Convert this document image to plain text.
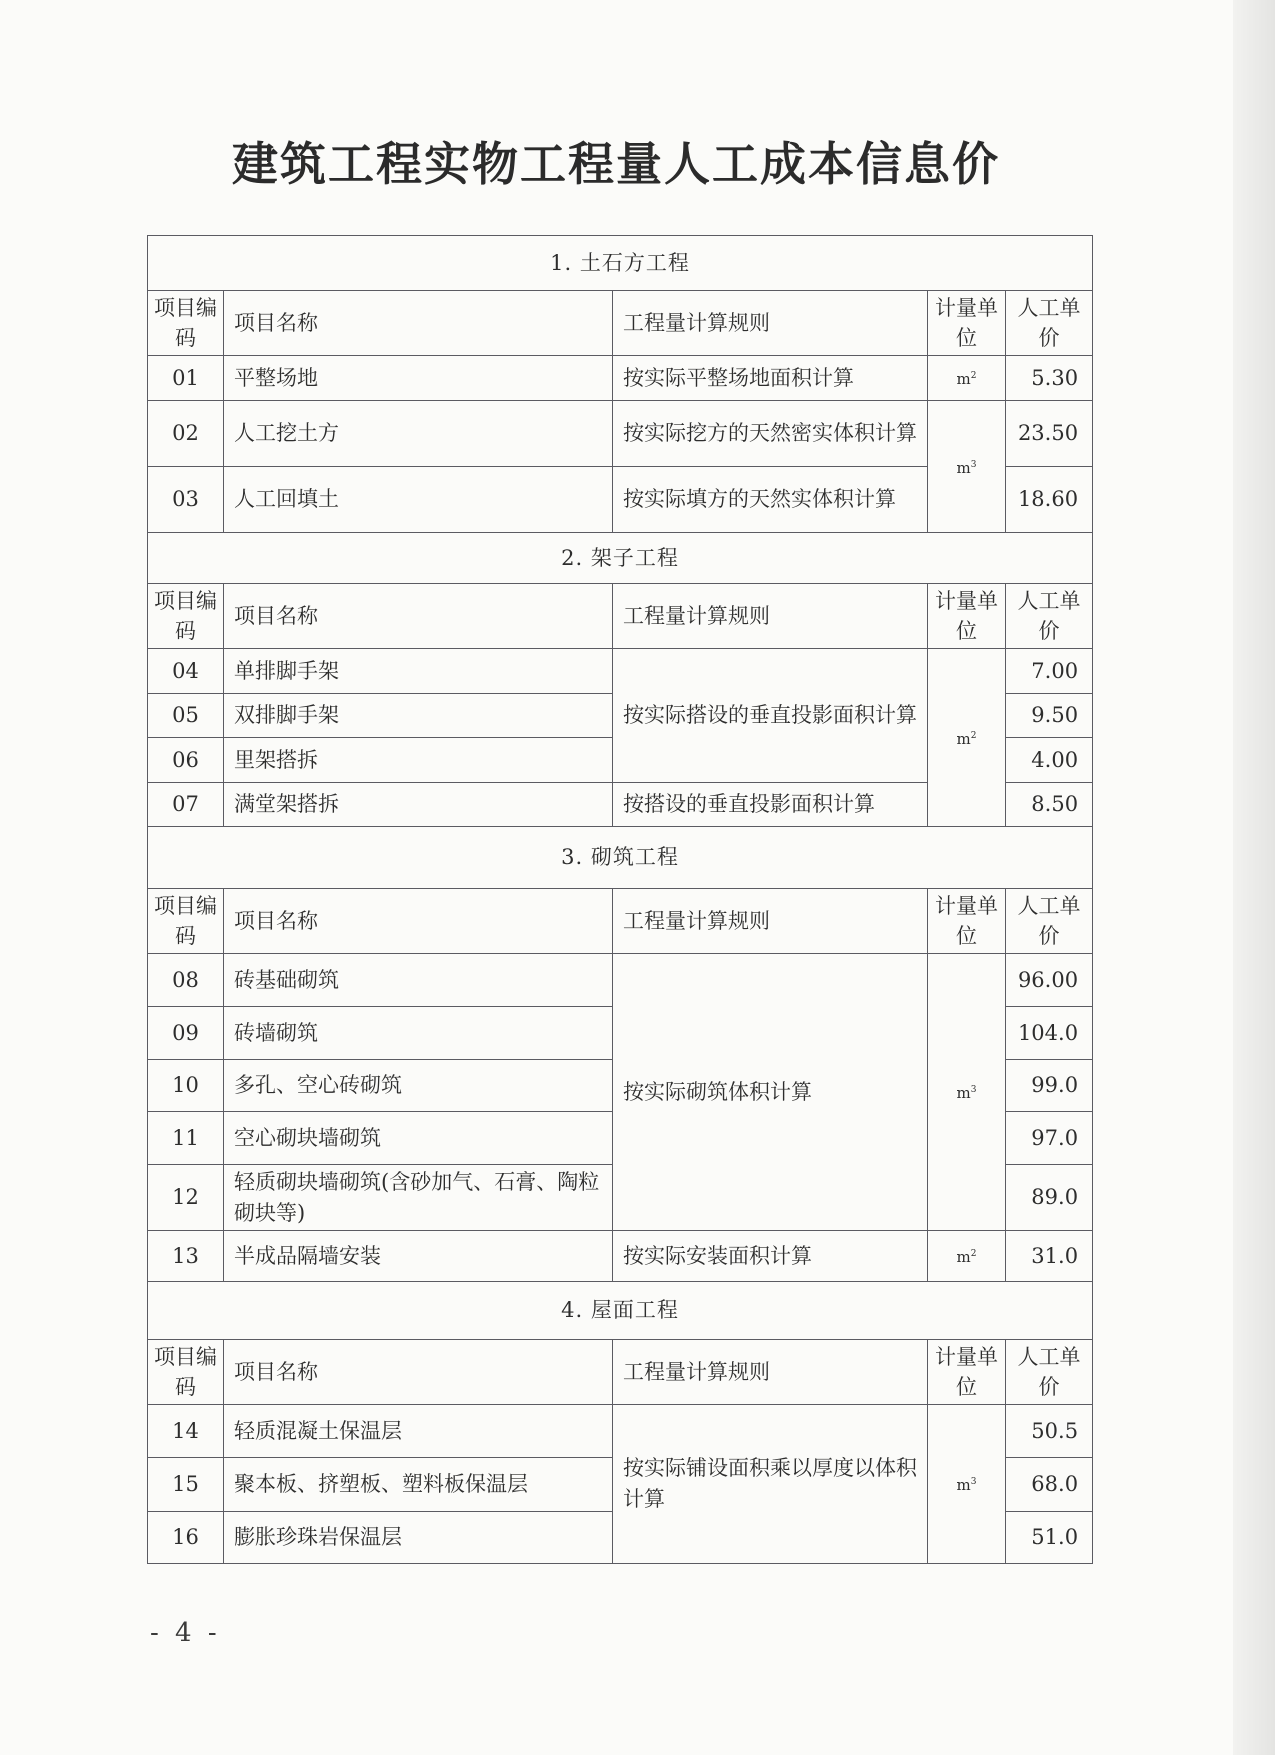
建筑工程实物工程量人工成本信息价
1. 土石方工程				
项目编码	项目名称	工程量计算规则	计量单位	人工单价
01	平整场地	按实际平整场地面积计算	$m^2$	5.30
02	人工挖土方	按实际挖方的天然密实体积计算	$m^3$	23.50
03	人工回填土	按实际填方的天然实体积计算		18.60
2. 架子工程				
项目编码	项目名称	工程量计算规则	计量单位	人工单价
04	单排脚手架	按实际搭设的垂直投影面积计算	$m^2$	7.00
05	双排脚手架			9.50
06	里架搭拆			4.00
07	满堂架搭拆	按搭设的垂直投影面积计算		8.50
3. 砌筑工程				
项目编码	项目名称	工程量计算规则	计量单位	人工单价
08	砖基础砌筑	按实际砌筑体积计算	$m^3$	96.00
09	砖墙砌筑			104.0
10	多孔、空心砖砌筑			99.0
11	空心砌块墙砌筑			97.0
12	轻质砌块墙砌筑(含砂加气、石膏、陶粒砌块等)			89.0
13	半成品隔墙安装	按实际安装面积计算	$m^2$	31.0
4. 屋面工程				
项目编码	项目名称	工程量计算规则	计量单位	人工单价
14	轻质混凝土保温层	按实际铺设面积乘以厚度以体积计算	$m^3$	50.5
15	聚本板、挤塑板、塑料板保温层			68.0
16	膨胀珍珠岩保温层			51.0
- 4 -
